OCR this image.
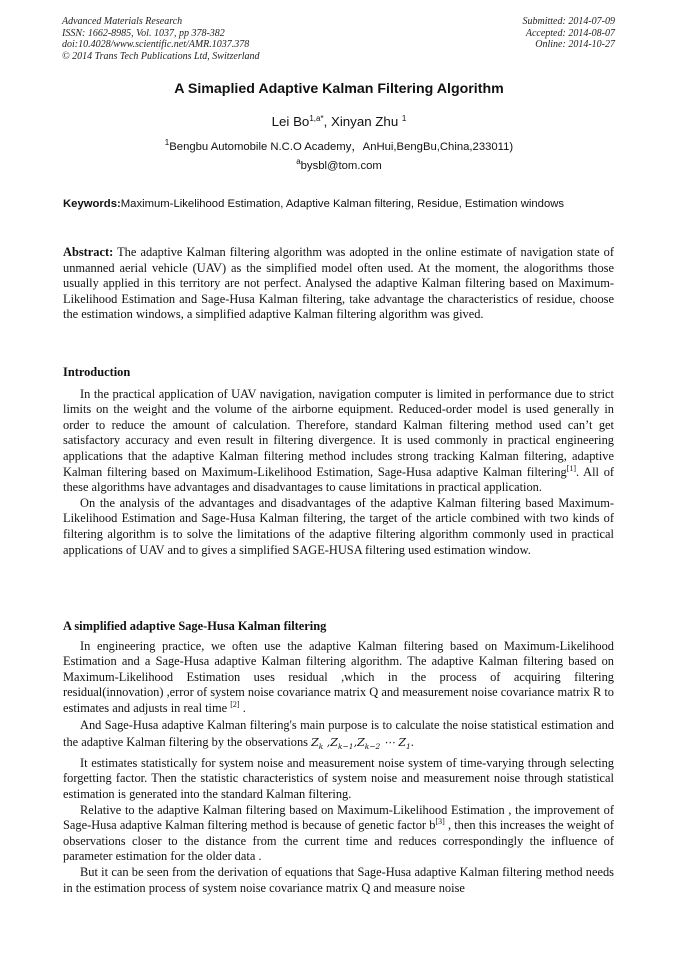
Advanced Materials Research
ISSN: 1662-8985, Vol. 1037, pp 378-382
doi:10.4028/www.scientific.net/AMR.1037.378
© 2014 Trans Tech Publications Ltd, Switzerland
Submitted: 2014-07-09
Accepted: 2014-08-07
Online: 2014-10-27
A Simaplied Adaptive Kalman Filtering Algorithm
Lei $Bo^{1,a*}$, Xinyan Zhu $^1$
$^1$Bengbu Automobile N.C.O Academy，AnHui,BengBu,China,233011)
$^a$bysbl@tom.com
Keywords:Maximum-Likelihood Estimation, Adaptive Kalman filtering, Residue, Estimation windows
Abstract: The adaptive Kalman filtering algorithm was adopted in the online estimate of navigation state of unmanned aerial vehicle (UAV) as the simplified model often used. At the moment, the alogorithms those usually applied in this territory are not perfect. Analysed the adaptive Kalman filtering based on Maximum-Likelihood Estimation and Sage-Husa Kalman filtering, take advantage the characteristics of residue, choose the estimation windows, a simplified adaptive Kalman filtering algorithm was gived.
Introduction

In the practical application of UAV navigation, navigation computer is limited in performance due to strict limits on the weight and the volume of the airborne equipment. Reduced-order model is used generally in order to reduce the amount of calculation. Therefore, standard Kalman filtering method used can’t get satisfactory accuracy and even result in filtering divergence. It is used commonly in practical engineering applications that the adaptive Kalman filtering method includes strong tracking Kalman filtering, adaptive Kalman filtering based on Maximum-Likelihood Estimation, Sage-Husa adaptive Kalman filtering[1]. All of these algorithms have advantages and disadvantages to cause limitations in practical application.

On the analysis of the advantages and disadvantages of the adaptive Kalman filtering based Maximum-Likelihood Estimation and Sage-Husa Kalman filtering, the target of the article combined with two kinds of filtering algorithm is to solve the limitations of the adaptive filtering algorithm commonly used in practical applications of UAV and to gives a simplified SAGE-HUSA filtering used estimation window.

A simplified adaptive Sage-Husa Kalman filtering

In engineering practice, we often use the adaptive Kalman filtering based on Maximum-Likelihood Estimation and a Sage-Husa adaptive Kalman filtering algorithm. The adaptive Kalman filtering based on Maximum-Likelihood Estimation uses residual ,which in the process of acquiring filtering residual(innovation) ,error of system noise covariance matrix Q and measurement noise covariance matrix R to estimates and adjusts in real time [2] .

And Sage-Husa adaptive Kalman filtering's main purpose is to calculate the noise statistical estimation and the adaptive Kalman filtering by the observations $Z_k$ $,Z_{k-1},Z_{k-2}$ ⋯ $Z_1$.

It estimates statistically for system noise and measurement noise system of time-varying through selecting forgetting factor. Then the statistic characteristics of system noise and measurement noise through statistical estimation is generated into the standard Kalman filtering.

Relative to the adaptive Kalman filtering based on Maximum-Likelihood Estimation , the improvement of Sage-Husa adaptive Kalman filtering method is because of genetic factor b[3] , then this increases the weight of observations closer to the distance from the current time and reduces correspondingly the influence of parameter estimation for the older data .

But it can be seen from the derivation of equations that Sage-Husa adaptive Kalman filtering method needs in the estimation process of system noise covariance matrix Q and measure noise
